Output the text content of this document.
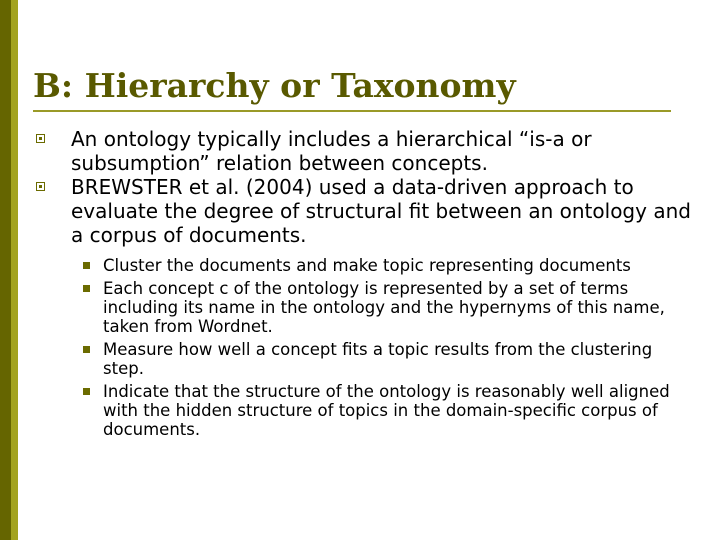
B: Hierarchy or Taxonomy
An ontology typically includes a hierarchical “is-a or subsumption” relation between concepts.
BREWSTER et al. (2004) used a data-driven approach to evaluate the degree of structural fit between an ontology and a corpus of documents.
Cluster the documents and make topic representing documents
Each concept c of the ontology is represented by a set of terms including its name in the ontology and the hypernyms of this name, taken from Wordnet.
Measure how well a concept fits a topic results from the clustering step.
Indicate that the structure of the ontology is reasonably well aligned with the hidden structure of topics in the domain-specific corpus of documents.
